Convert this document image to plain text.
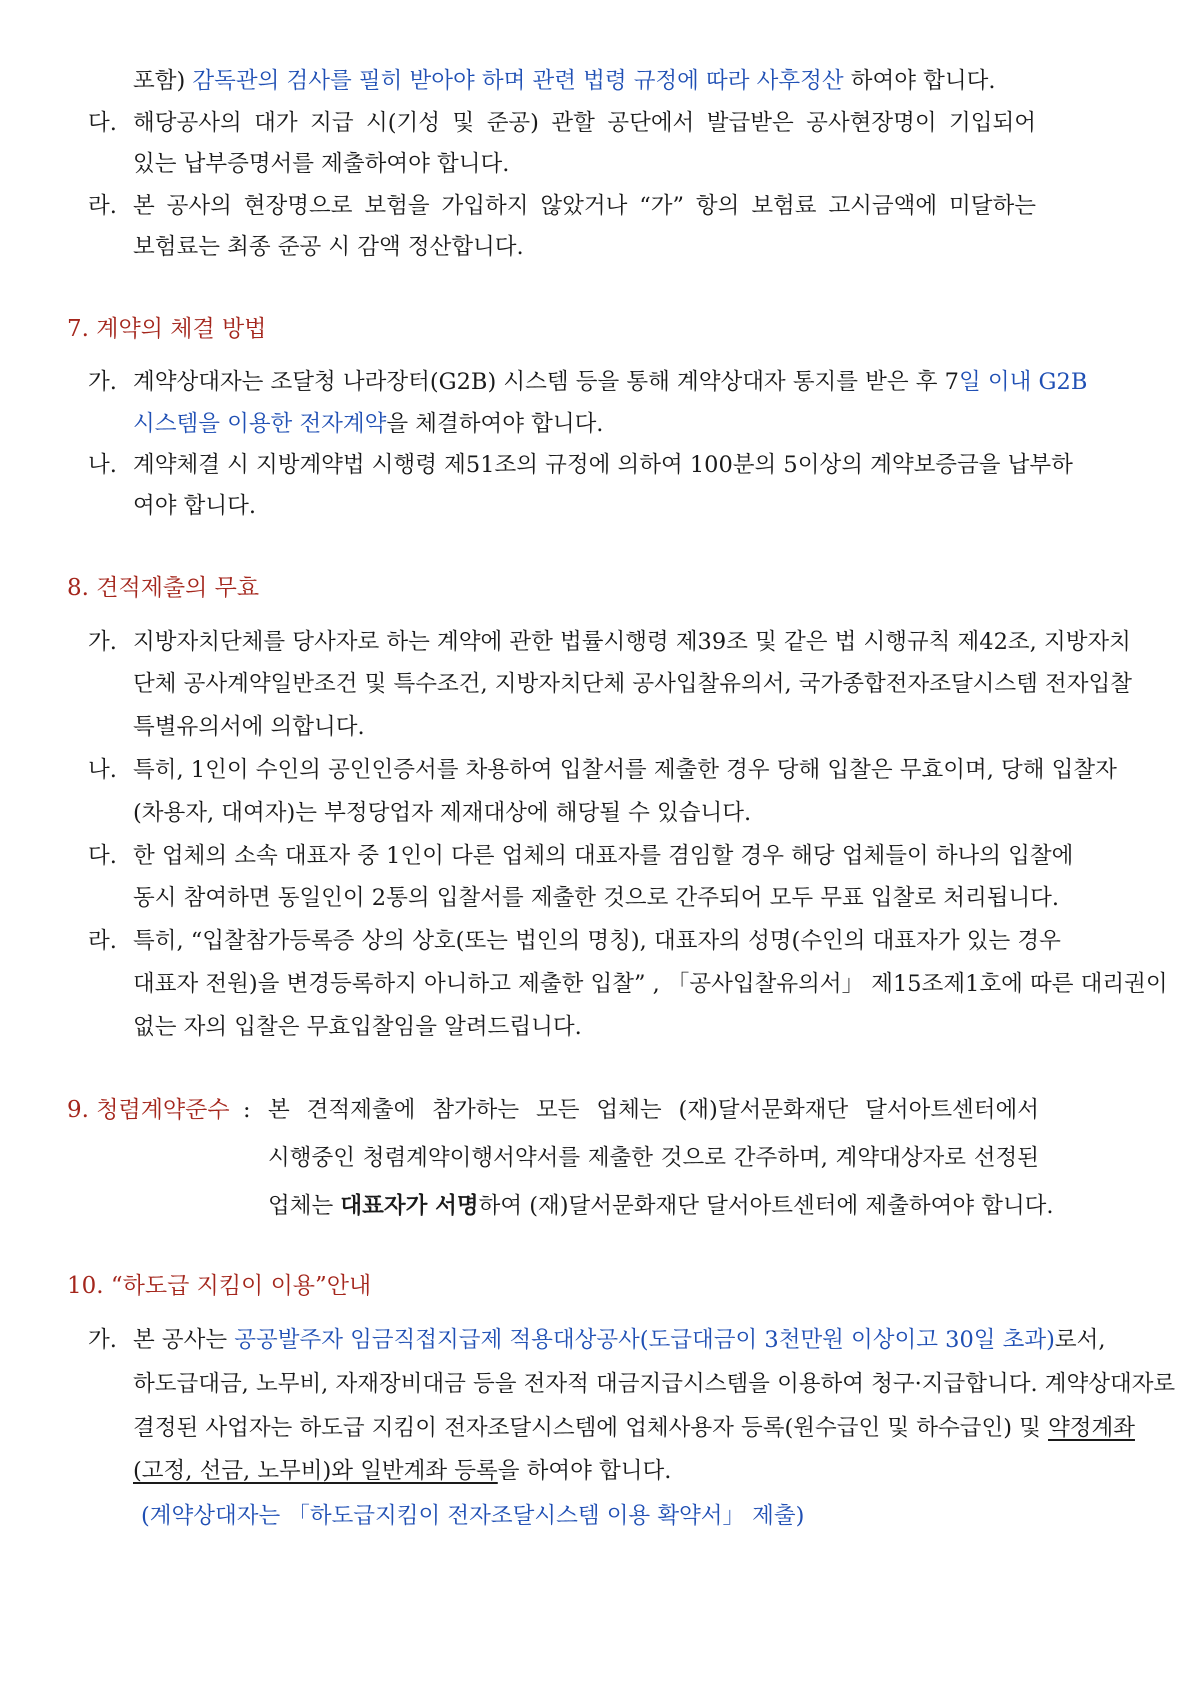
포함) 감독관의 검사를 필히 받아야 하며 관련 법령 규정에 따라 사후정산 하여야 합니다.
다. 해당공사의 대가 지급 시(기성 및 준공) 관할 공단에서 발급받은 공사현장명이 기입되어
있는 납부증명서를 제출하여야 합니다.
라. 본 공사의 현장명으로 보험을 가입하지 않았거나 “가” 항의 보험료 고시금액에 미달하는
보험료는 최종 준공 시 감액 정산합니다.
7. 계약의 체결 방법
가. 계약상대자는 조달청 나라장터(G2B) 시스템 등을 통해 계약상대자 통지를 받은 후 7일 이내 G2B
시스템을 이용한 전자계약을 체결하여야 합니다.
나. 계약체결 시 지방계약법 시행령 제51조의 규정에 의하여 100분의 5이상의 계약보증금을 납부하
여야 합니다.
8. 견적제출의 무효
가. 지방자치단체를 당사자로 하는 계약에 관한 법률시행령 제39조 및 같은 법 시행규칙 제42조, 지방자치
단체 공사계약일반조건 및 특수조건, 지방자치단체 공사입찰유의서, 국가종합전자조달시스템 전자입찰
특별유의서에 의합니다.
나. 특히, 1인이 수인의 공인인증서를 차용하여 입찰서를 제출한 경우 당해 입찰은 무효이며, 당해 입찰자
(차용자, 대여자)는 부정당업자 제재대상에 해당될 수 있습니다.
다. 한 업체의 소속 대표자 중 1인이 다른 업체의 대표자를 겸임할 경우 해당 업체들이 하나의 입찰에
동시 참여하면 동일인이 2통의 입찰서를 제출한 것으로 간주되어 모두 무표 입찰로 처리됩니다.
라. 특히, “입찰참가등록증 상의 상호(또는 법인의 명칭), 대표자의 성명(수인의 대표자가 있는 경우
대표자 전원)을 변경등록하지 아니하고 제출한 입찰” , 「공사입찰유의서」 제15조제1호에 따른 대리권이
없는 자의 입찰은 무효입찰임을 알려드립니다.
9. 청렴계약준수 : 본 견적제출에 참가하는 모든 업체는 (재)달서문화재단 달서아트센터에서
시행중인 청렴계약이행서약서를 제출한 것으로 간주하며, 계약대상자로 선정된
업체는 대표자가 서명하여 (재)달서문화재단 달서아트센터에 제출하여야 합니다.
10. “하도급 지킴이 이용”안내
가. 본 공사는 공공발주자 임금직접지급제 적용대상공사(도급대금이 3천만원 이상이고 30일 초과)로서,
하도급대금, 노무비, 자재장비대금 등을 전자적 대금지급시스템을 이용하여 청구·지급합니다. 계약상대자로
결정된 사업자는 하도급 지킴이 전자조달시스템에 업체사용자 등록(원수급인 및 하수급인) 및 약정계좌
(고정, 선금, 노무비)와 일반계좌 등록을 하여야 합니다.
(계약상대자는 「하도급지킴이 전자조달시스템 이용 확약서」 제출)
